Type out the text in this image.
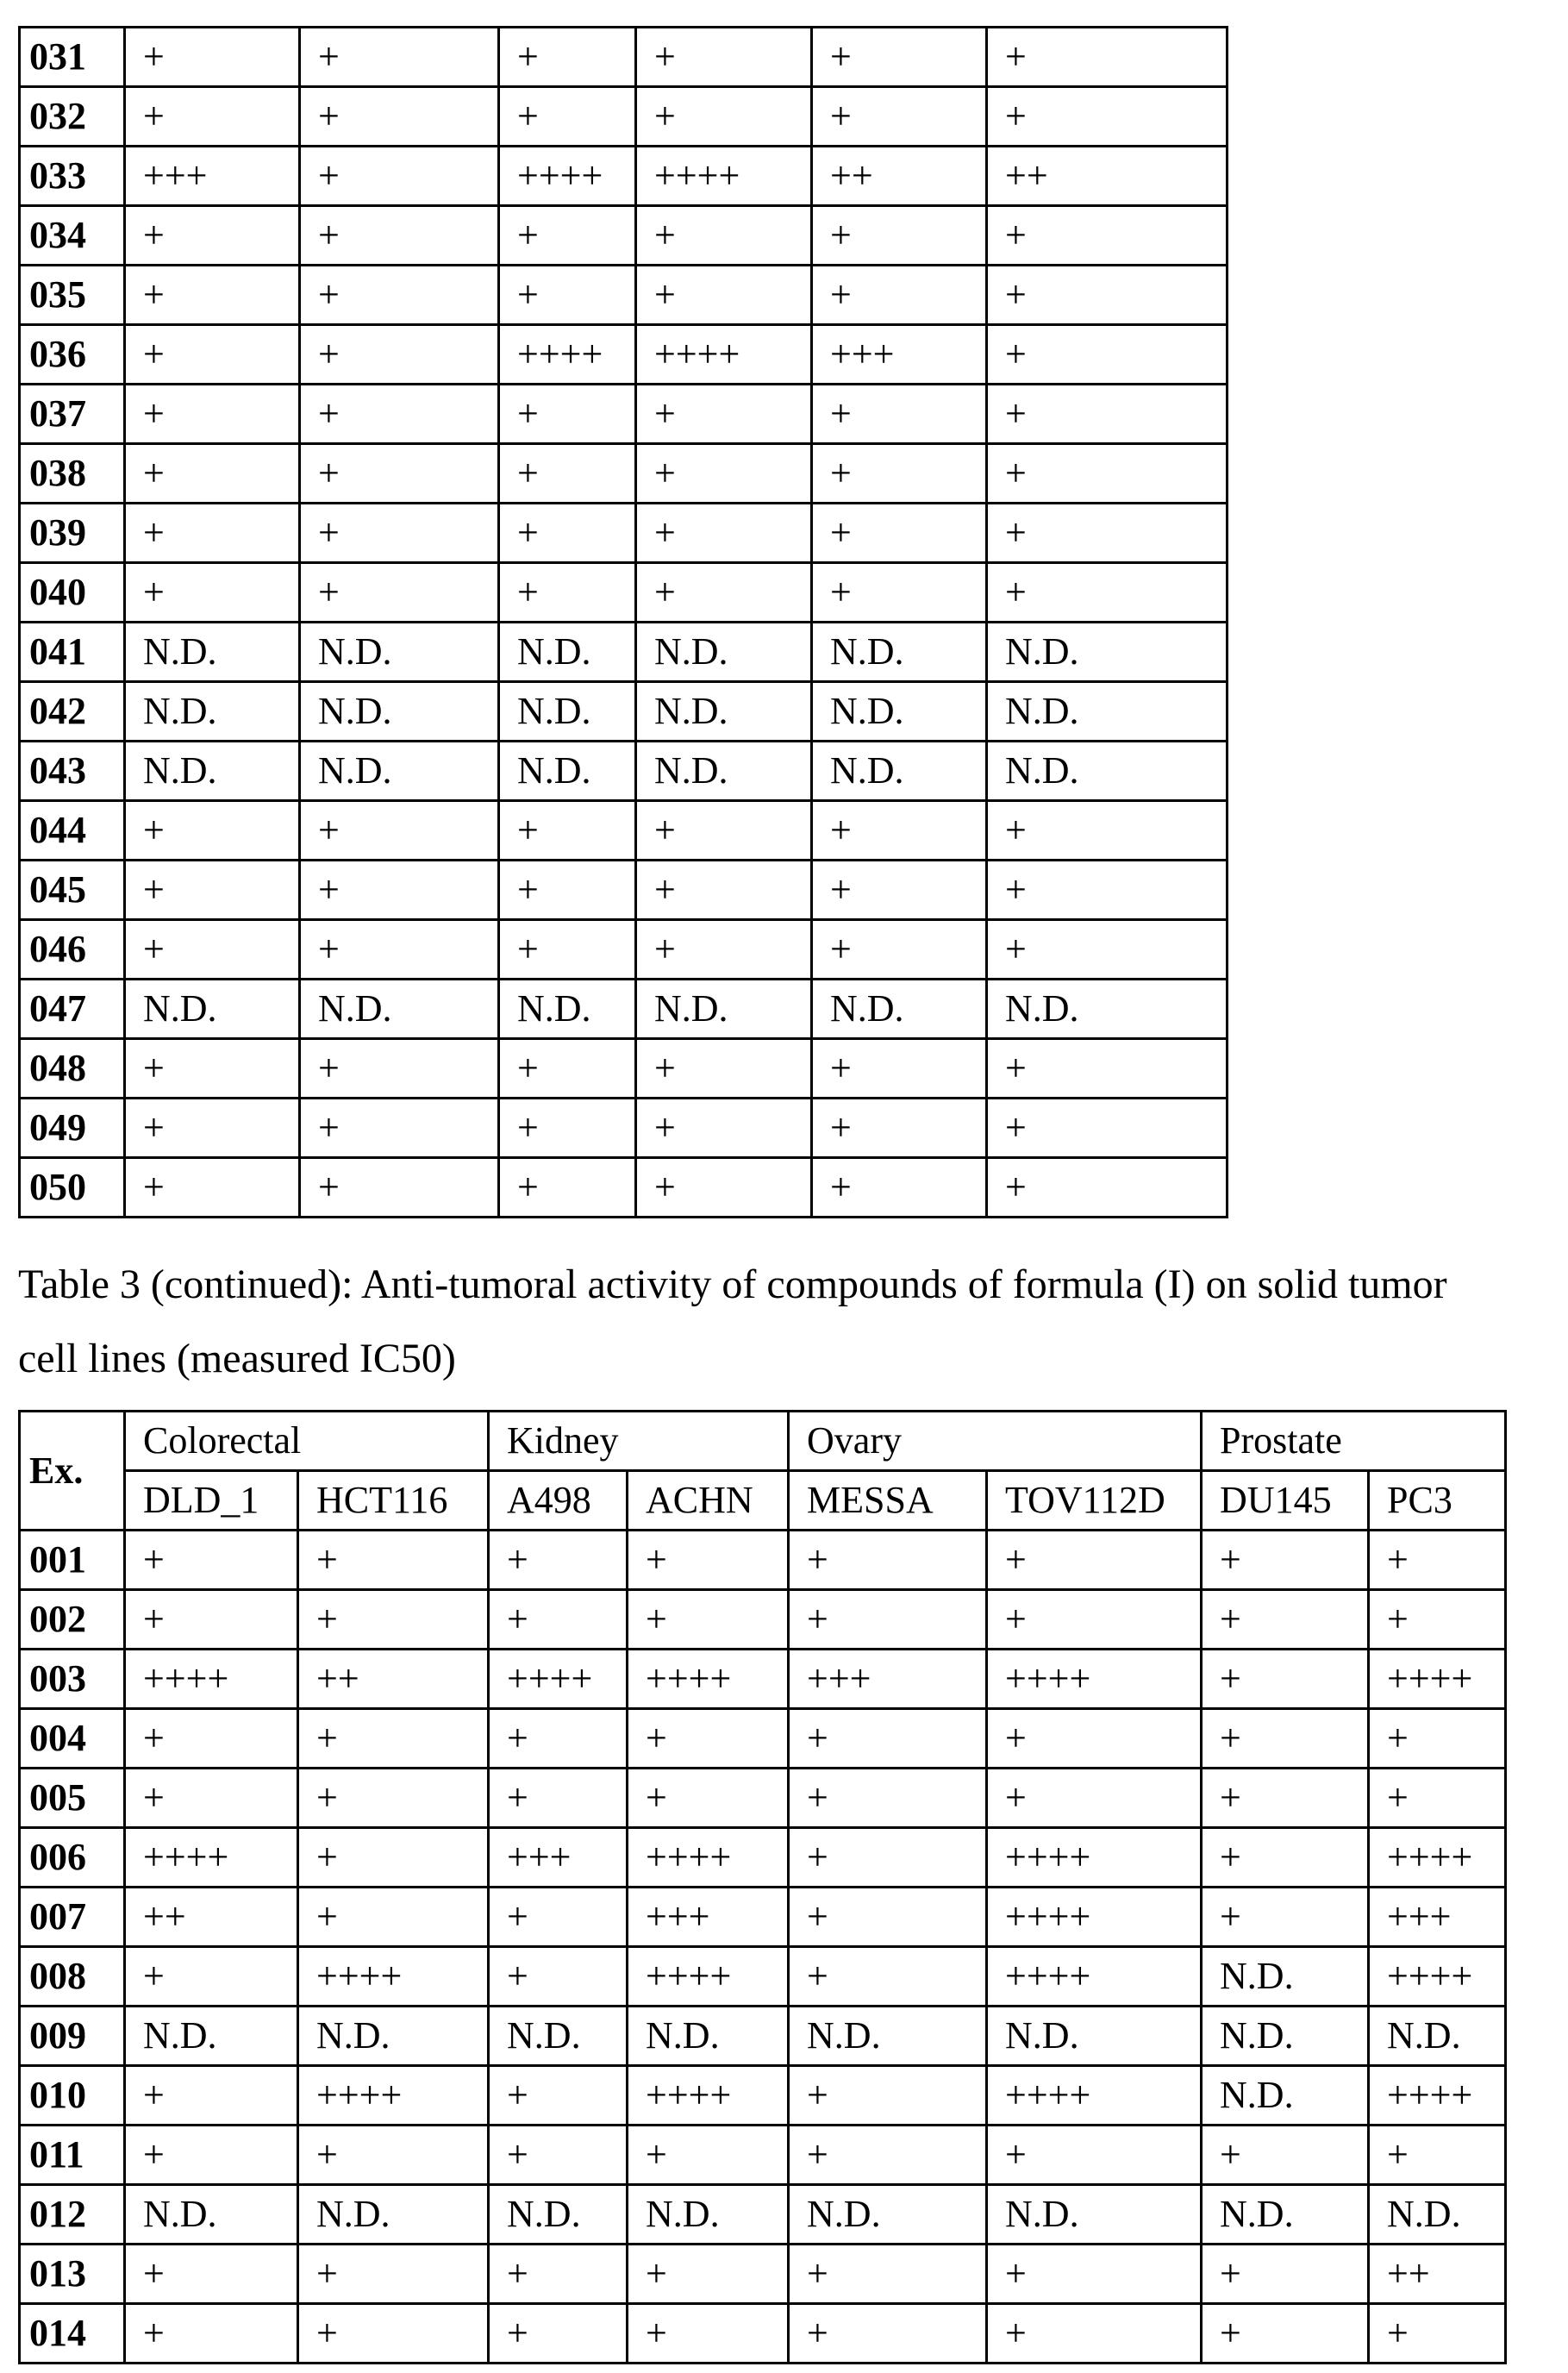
031	+	+	+	+	+	+
032	+	+	+	+	+	+
033	+++	+	++++	++++	++	++
034	+	+	+	+	+	+
035	+	+	+	+	+	+
036	+	+	++++	++++	+++	+
037	+	+	+	+	+	+
038	+	+	+	+	+	+
039	+	+	+	+	+	+
040	+	+	+	+	+	+
041	N.D.	N.D.	N.D.	N.D.	N.D.	N.D.
042	N.D.	N.D.	N.D.	N.D.	N.D.	N.D.
043	N.D.	N.D.	N.D.	N.D.	N.D.	N.D.
044	+	+	+	+	+	+
045	+	+	+	+	+	+
046	+	+	+	+	+	+
047	N.D.	N.D.	N.D.	N.D.	N.D.	N.D.
048	+	+	+	+	+	+
049	+	+	+	+	+	+
050	+	+	+	+	+	+
Table 3 (continued): Anti-tumoral activity of compounds of formula (I) on solid tumor
cell lines (measured IC50)
Ex.	Colorectal		Kidney		Ovary		Prostate	
	DLD_1	HCT116	A498	ACHN	MESSA	TOV112D	DU145	PC3
001	+	+	+	+	+	+	+	+
002	+	+	+	+	+	+	+	+
003	++++	++	++++	++++	+++	++++	+	++++
004	+	+	+	+	+	+	+	+
005	+	+	+	+	+	+	+	+
006	++++	+	+++	++++	+	++++	+	++++
007	++	+	+	+++	+	++++	+	+++
008	+	++++	+	++++	+	++++	N.D.	++++
009	N.D.	N.D.	N.D.	N.D.	N.D.	N.D.	N.D.	N.D.
010	+	++++	+	++++	+	++++	N.D.	++++
011	+	+	+	+	+	+	+	+
012	N.D.	N.D.	N.D.	N.D.	N.D.	N.D.	N.D.	N.D.
013	+	+	+	+	+	+	+	++
014	+	+	+	+	+	+	+	+
